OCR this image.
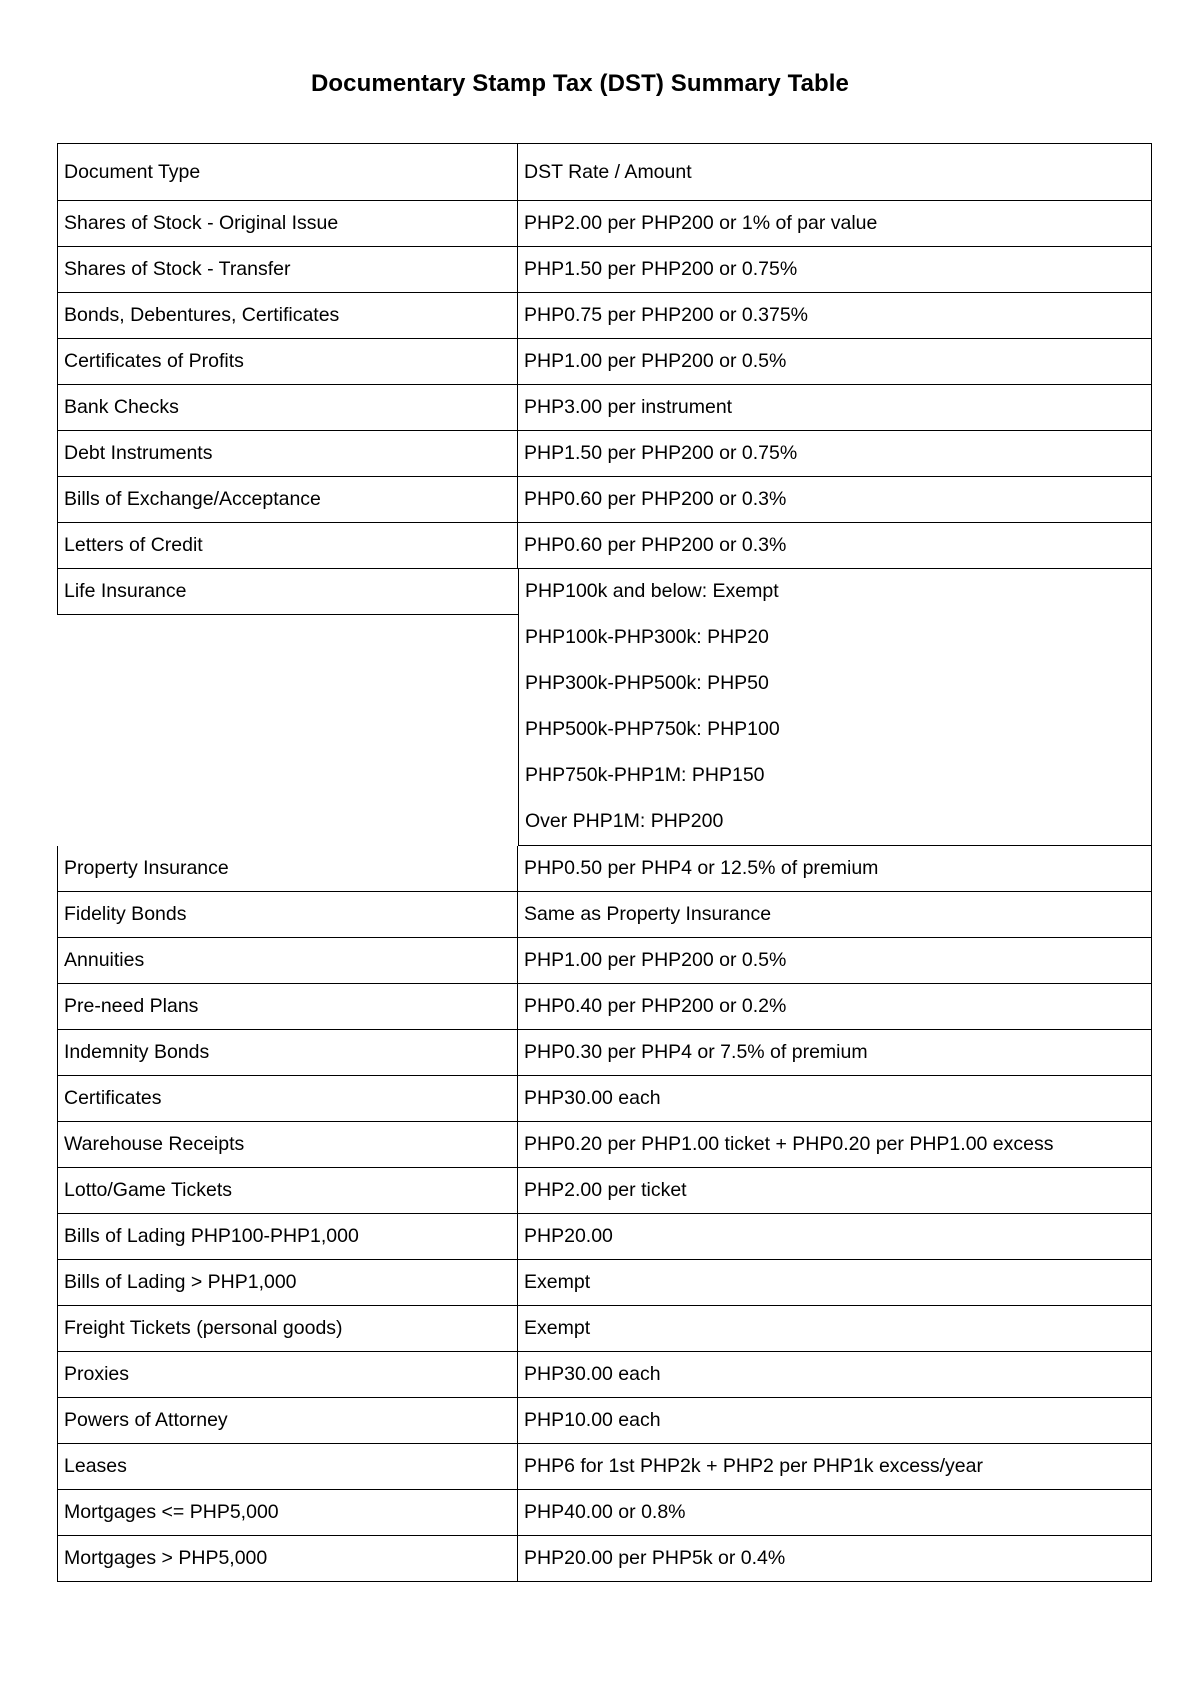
Documentary Stamp Tax (DST) Summary Table
Document Type	DST Rate / Amount
Shares of Stock - Original Issue	PHP2.00 per PHP200 or 1% of par value
Shares of Stock - Transfer	PHP1.50 per PHP200 or 0.75%
Bonds, Debentures, Certificates	PHP0.75 per PHP200 or 0.375%
Certificates of Profits	PHP1.00 per PHP200 or 0.5%
Bank Checks	PHP3.00 per instrument
Debt Instruments	PHP1.50 per PHP200 or 0.75%
Bills of Exchange/Acceptance	PHP0.60 per PHP200 or 0.3%
Letters of Credit	PHP0.60 per PHP200 or 0.3%
Life Insurance	PHP100k and below: Exempt
PHP100k-PHP300k: PHP20
PHP300k-PHP500k: PHP50
PHP500k-PHP750k: PHP100
PHP750k-PHP1M: PHP150
Over PHP1M: PHP200
Property Insurance	PHP0.50 per PHP4 or 12.5% of premium
Fidelity Bonds	Same as Property Insurance
Annuities	PHP1.00 per PHP200 or 0.5%
Pre-need Plans	PHP0.40 per PHP200 or 0.2%
Indemnity Bonds	PHP0.30 per PHP4 or 7.5% of premium
Certificates	PHP30.00 each
Warehouse Receipts	PHP0.20 per PHP1.00 ticket + PHP0.20 per PHP1.00 excess
Lotto/Game Tickets	PHP2.00 per ticket
Bills of Lading PHP100-PHP1,000	PHP20.00
Bills of Lading > PHP1,000	Exempt
Freight Tickets (personal goods)	Exempt
Proxies	PHP30.00 each
Powers of Attorney	PHP10.00 each
Leases	PHP6 for 1st PHP2k + PHP2 per PHP1k excess/year
Mortgages <= PHP5,000	PHP40.00 or 0.8%
Mortgages > PHP5,000	PHP20.00 per PHP5k or 0.4%
